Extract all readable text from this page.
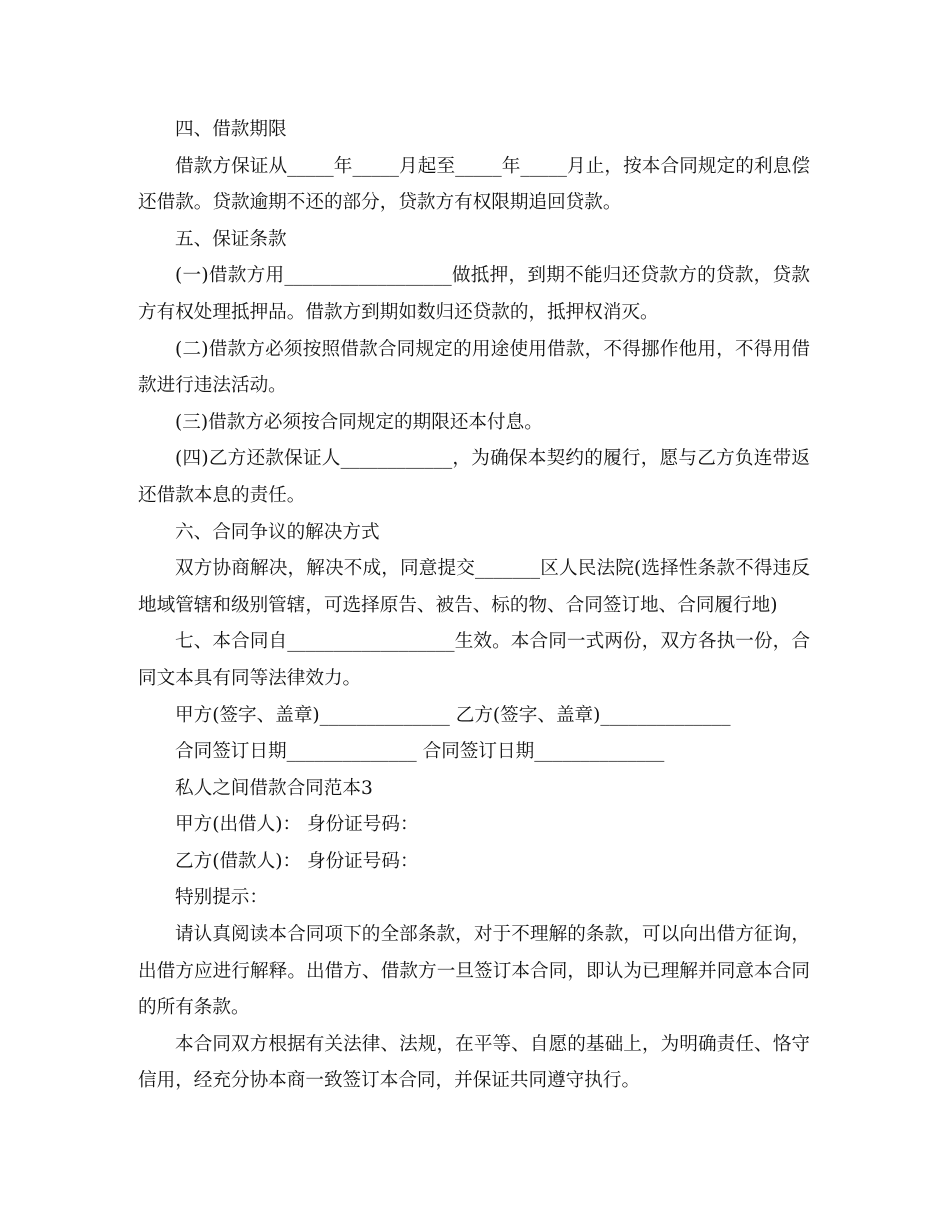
四、借款期限

借款方保证从_____年_____月起至_____年_____月止，按本合同规定的利息偿还借款。贷款逾期不还的部分，贷款方有权限期追回贷款。

五、保证条款

(一)借款方用__________________做抵押，到期不能归还贷款方的贷款，贷款方有权处理抵押品。借款方到期如数归还贷款的，抵押权消灭。

(二)借款方必须按照借款合同规定的用途使用借款，不得挪作他用，不得用借款进行违法活动。

(三)借款方必须按合同规定的期限还本付息。

(四)乙方还款保证人____________，为确保本契约的履行，愿与乙方负连带返还借款本息的责任。

六、合同争议的解决方式

双方协商解决，解决不成，同意提交_______区人民法院(选择性条款不得违反地域管辖和级别管辖，可选择原告、被告、标的物、合同签订地、合同履行地)

七、本合同自__________________生效。本合同一式两份，双方各执一份，合同文本具有同等法律效力。

甲方(签字、盖章)______________ 乙方(签字、盖章)______________

合同签订日期______________ 合同签订日期______________

私人之间借款合同范本3

甲方(出借人)： 身份证号码：

乙方(借款人)： 身份证号码：

特别提示：

请认真阅读本合同项下的全部条款，对于不理解的条款，可以向出借方征询，出借方应进行解释。出借方、借款方一旦签订本合同，即认为已理解并同意本合同的所有条款。

本合同双方根据有关法律、法规，在平等、自愿的基础上，为明确责任、恪守信用，经充分协本商一致签订本合同，并保证共同遵守执行。
